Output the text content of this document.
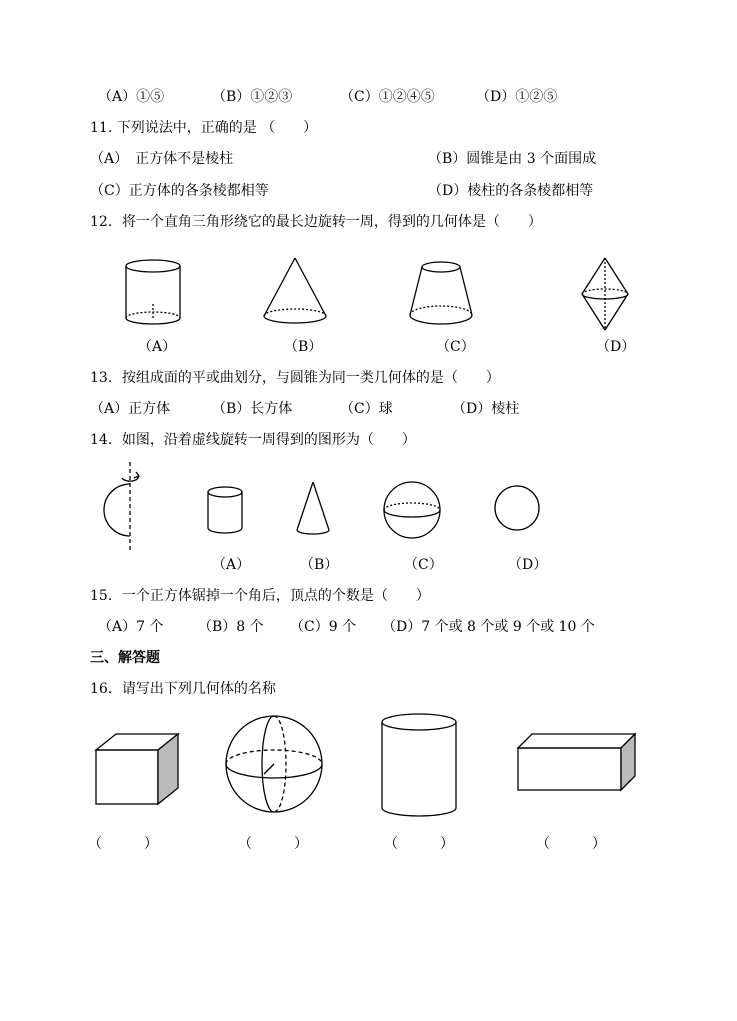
（A）①⑤	（B）①②③	（C）①②④⑤	（D）①②⑤
11. 下列说法中，正确的是 （　　）
（A）　正方体不是棱柱	（B）圆锥是由 3 个面围成
（C）正方体的各条棱都相等	（D）棱柱的各条棱都相等
12．将一个直角三角形绕它的最长边旋转一周，得到的几何体是（　　）
（A）	（B）	（C）	（D）
13．按组成面的平或曲划分，与圆锥为同一类几何体的是（　　）
（A）正方体	（B）长方体	（C）球	（D）棱柱
14．如图，沿着虚线旋转一周得到的图形为（　　）
（A）	（B）	（C）	（D）
15．一个正方体锯掉一个角后，顶点的个数是（　　）
（A）7 个 （B）8 个 （C）9 个 （D）7 个或 8 个或 9 个或 10 个
三、解答题
16．请写出下列几何体的名称
（　　　）	（　　　）	（　　　）	（　　　）
